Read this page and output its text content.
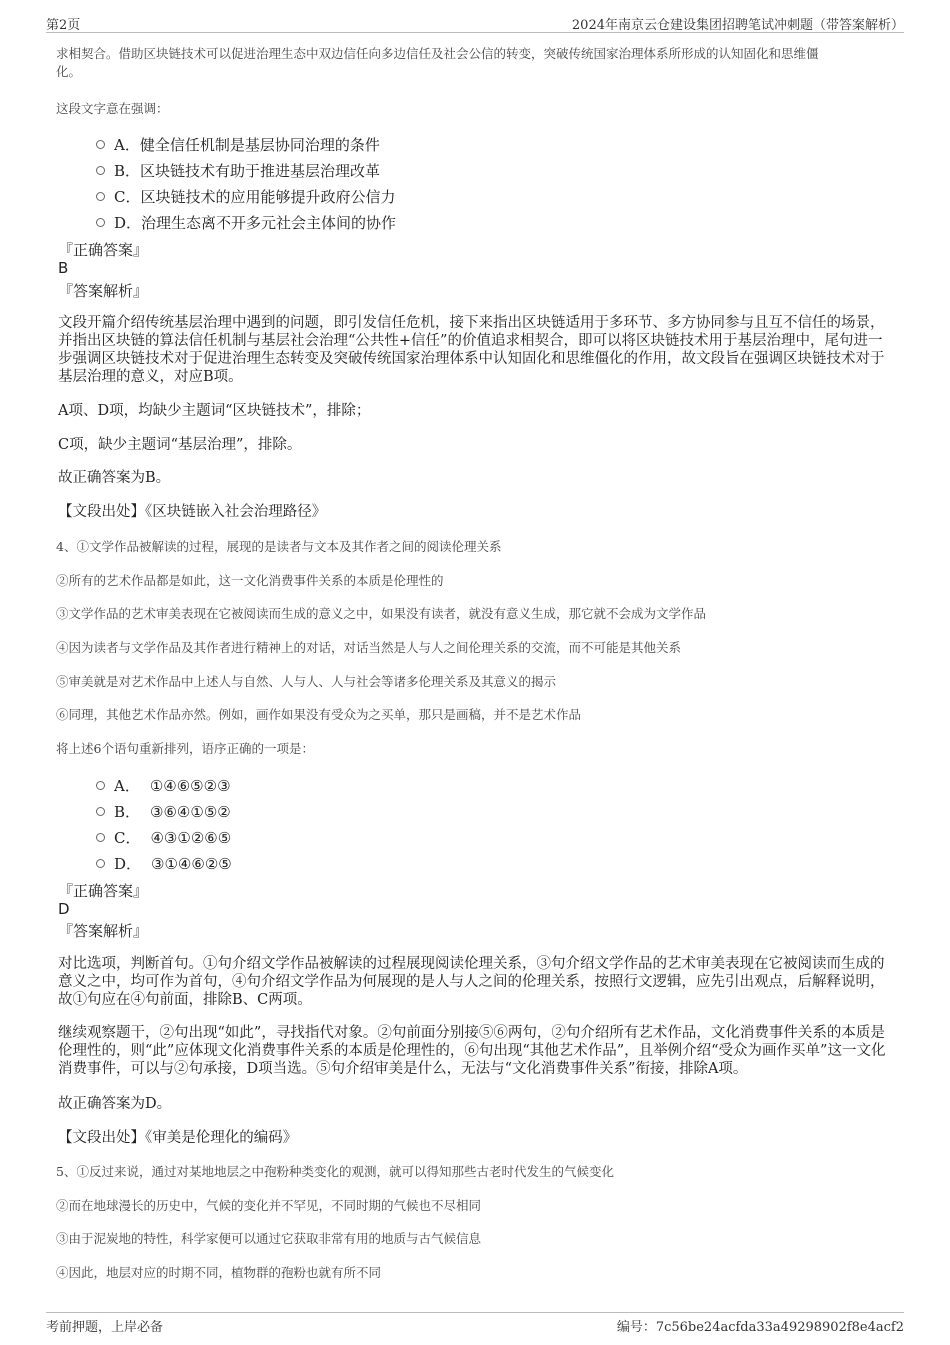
第2页	2024年南京云仓建设集团招聘笔试冲刺题（带答案解析）
求相契合。借助区块链技术可以促进治理生态中双边信任向多边信任及社会公信的转变，突破传统国家治理体系所形成的认知固化和思维僵
化。
这段文字意在强调：
A． 健全信任机制是基层协同治理的条件
B． 区块链技术有助于推进基层治理改革
C． 区块链技术的应用能够提升政府公信力
D． 治理生态离不开多元社会主体间的协作
『正确答案』
B
『答案解析』
文段开篇介绍传统基层治理中遇到的问题，即引发信任危机，接下来指出区块链适用于多环节、多方协同参与且互不信任的场景，并指出区块链的算法信任机制与基层社会治理“公共性+信任”的价值追求相契合，即可以将区块链技术用于基层治理中，尾句进一步强调区块链技术对于促进治理生态转变及突破传统国家治理体系中认知固化和思维僵化的作用，故文段旨在强调区块链技术对于基层治理的意义，对应B项。
A项、D项，均缺少主题词“区块链技术”，排除；
C项，缺少主题词“基层治理”，排除。
故正确答案为B。
【文段出处】《区块链嵌入社会治理路径》
4、①文学作品被解读的过程，展现的是读者与文本及其作者之间的阅读伦理关系
②所有的艺术作品都是如此，这一文化消费事件关系的本质是伦理性的
③文学作品的艺术审美表现在它被阅读而生成的意义之中，如果没有读者，就没有意义生成，那它就不会成为文学作品
④因为读者与文学作品及其作者进行精神上的对话，对话当然是人与人之间伦理关系的交流，而不可能是其他关系
⑤审美就是对艺术作品中上述人与自然、人与人、人与社会等诸多伦理关系及其意义的揭示
⑥同理，其他艺术作品亦然。例如，画作如果没有受众为之买单，那只是画稿，并不是艺术作品
将上述6个语句重新排列，语序正确的一项是：
A． ①④⑥⑤②③
B． ③⑥④①⑤②
C． ④③①②⑥⑤
D． ③①④⑥②⑤
『正确答案』
D
『答案解析』
对比选项，判断首句。①句介绍文学作品被解读的过程展现阅读伦理关系，③句介绍文学作品的艺术审美表现在它被阅读而生成的意义之中，均可作为首句，④句介绍文学作品为何展现的是人与人之间的伦理关系，按照行文逻辑，应先引出观点，后解释说明，故①句应在④句前面，排除B、C两项。
继续观察题干，②句出现“如此”，寻找指代对象。②句前面分别接⑤⑥两句，②句介绍所有艺术作品，文化消费事件关系的本质是伦理性的，则“此”应体现文化消费事件关系的本质是伦理性的，⑥句出现“其他艺术作品”，且举例介绍“受众为画作买单”这一文化消费事件，可以与②句承接，D项当选。⑤句介绍审美是什么，无法与“文化消费事件关系”衔接，排除A项。
故正确答案为D。
【文段出处】《审美是伦理化的编码》
5、①反过来说，通过对某地地层之中孢粉种类变化的观测，就可以得知那些古老时代发生的气候变化
②而在地球漫长的历史中，气候的变化并不罕见，不同时期的气候也不尽相同
③由于泥炭地的特性，科学家便可以通过它获取非常有用的地质与古气候信息
④因此，地层对应的时期不同，植物群的孢粉也就有所不同
考前押题，上岸必备	编号：7c56be24acfda33a49298902f8e4acf2
